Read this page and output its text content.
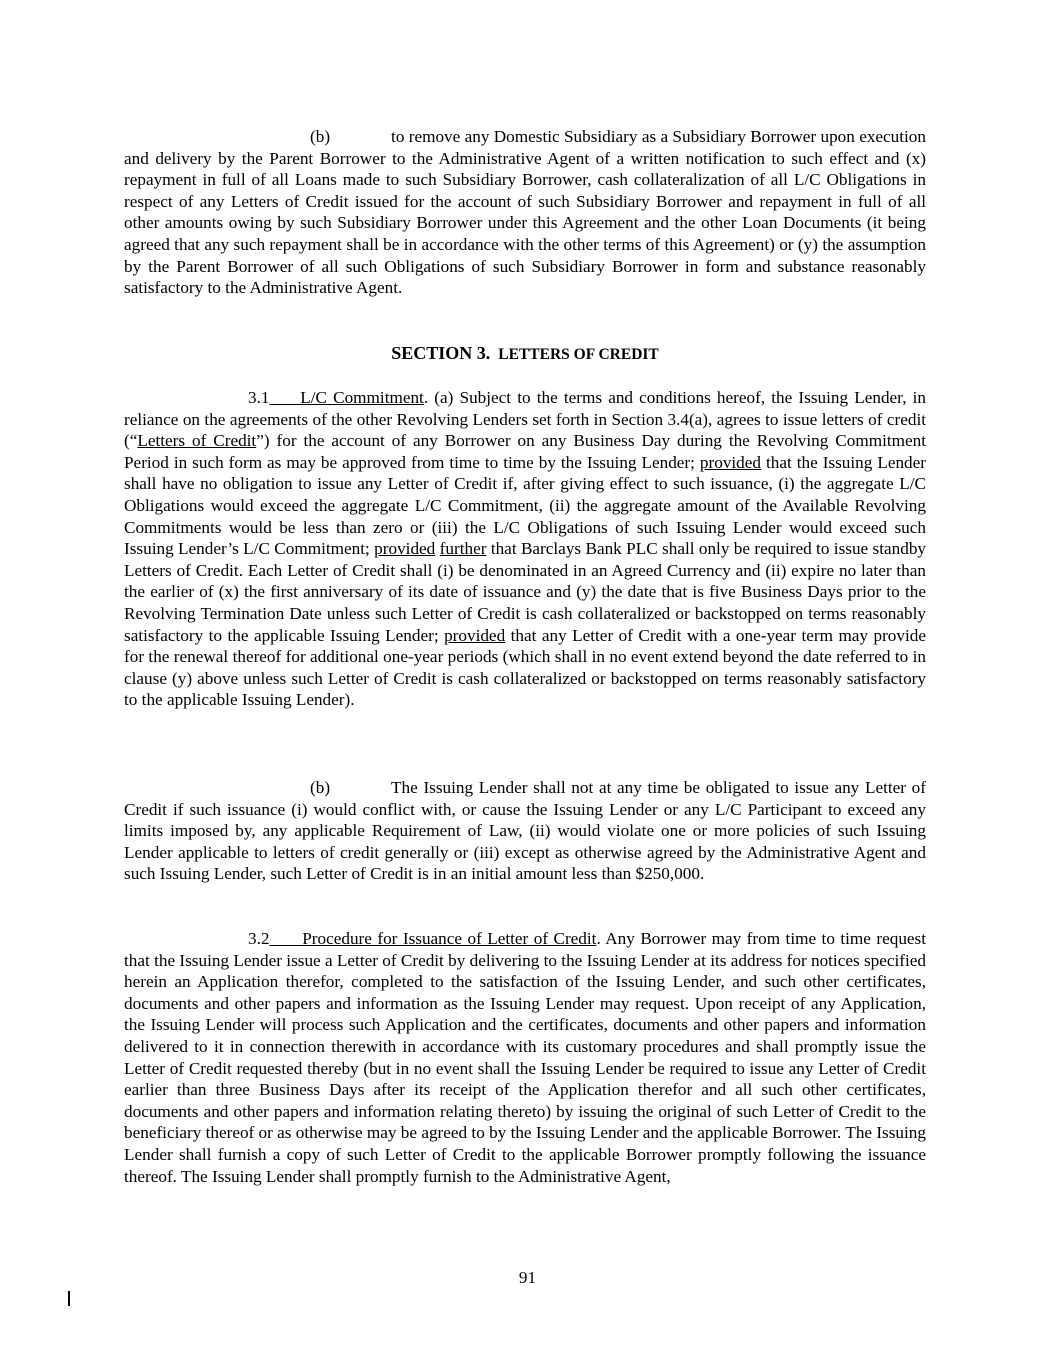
(b)	to remove any Domestic Subsidiary as a Subsidiary Borrower upon execution and delivery by the Parent Borrower to the Administrative Agent of a written notification to such effect and (x) repayment in full of all Loans made to such Subsidiary Borrower, cash collateralization of all L/C Obligations in respect of any Letters of Credit issued for the account of such Subsidiary Borrower and repayment in full of all other amounts owing by such Subsidiary Borrower under this Agreement and the other Loan Documents (it being agreed that any such repayment shall be in accordance with the other terms of this Agreement) or (y) the assumption by the Parent Borrower of all such Obligations of such Subsidiary Borrower in form and substance reasonably satisfactory to the Administrative Agent.

SECTION 3. LETTERS OF CREDIT

3.1 L/C Commitment. (a) Subject to the terms and conditions hereof, the Issuing Lender, in reliance on the agreements of the other Revolving Lenders set forth in Section 3.4(a), agrees to issue letters of credit (“Letters of Credit”) for the account of any Borrower on any Business Day during the Revolving Commitment Period in such form as may be approved from time to time by the Issuing Lender; provided that the Issuing Lender shall have no obligation to issue any Letter of Credit if, after giving effect to such issuance, (i) the aggregate L/C Obligations would exceed the aggregate L/C Commitment, (ii) the aggregate amount of the Available Revolving Commitments would be less than zero or (iii) the L/C Obligations of such Issuing Lender would exceed such Issuing Lender’s L/C Commitment; provided further that Barclays Bank PLC shall only be required to issue standby Letters of Credit. Each Letter of Credit shall (i) be denominated in an Agreed Currency and (ii) expire no later than the earlier of (x) the first anniversary of its date of issuance and (y) the date that is five Business Days prior to the Revolving Termination Date unless such Letter of Credit is cash collateralized or backstopped on terms reasonably satisfactory to the applicable Issuing Lender; provided that any Letter of Credit with a one-year term may provide for the renewal thereof for additional one-year periods (which shall in no event extend beyond the date referred to in clause (y) above unless such Letter of Credit is cash collateralized or backstopped on terms reasonably satisfactory to the applicable Issuing Lender).

(b)	The Issuing Lender shall not at any time be obligated to issue any Letter of Credit if such issuance (i) would conflict with, or cause the Issuing Lender or any L/C Participant to exceed any limits imposed by, any applicable Requirement of Law, (ii) would violate one or more policies of such Issuing Lender applicable to letters of credit generally or (iii) except as otherwise agreed by the Administrative Agent and such Issuing Lender, such Letter of Credit is in an initial amount less than $250,000.

3.2 Procedure for Issuance of Letter of Credit. Any Borrower may from time to time request that the Issuing Lender issue a Letter of Credit by delivering to the Issuing Lender at its address for notices specified herein an Application therefor, completed to the satisfaction of the Issuing Lender, and such other certificates, documents and other papers and information as the Issuing Lender may request. Upon receipt of any Application, the Issuing Lender will process such Application and the certificates, documents and other papers and information delivered to it in connection therewith in accordance with its customary procedures and shall promptly issue the Letter of Credit requested thereby (but in no event shall the Issuing Lender be required to issue any Letter of Credit earlier than three Business Days after its receipt of the Application therefor and all such other certificates, documents and other papers and information relating thereto) by issuing the original of such Letter of Credit to the beneficiary thereof or as otherwise may be agreed to by the Issuing Lender and the applicable Borrower. The Issuing Lender shall furnish a copy of such Letter of Credit to the applicable Borrower promptly following the issuance thereof. The Issuing Lender shall promptly furnish to the Administrative Agent,

91
